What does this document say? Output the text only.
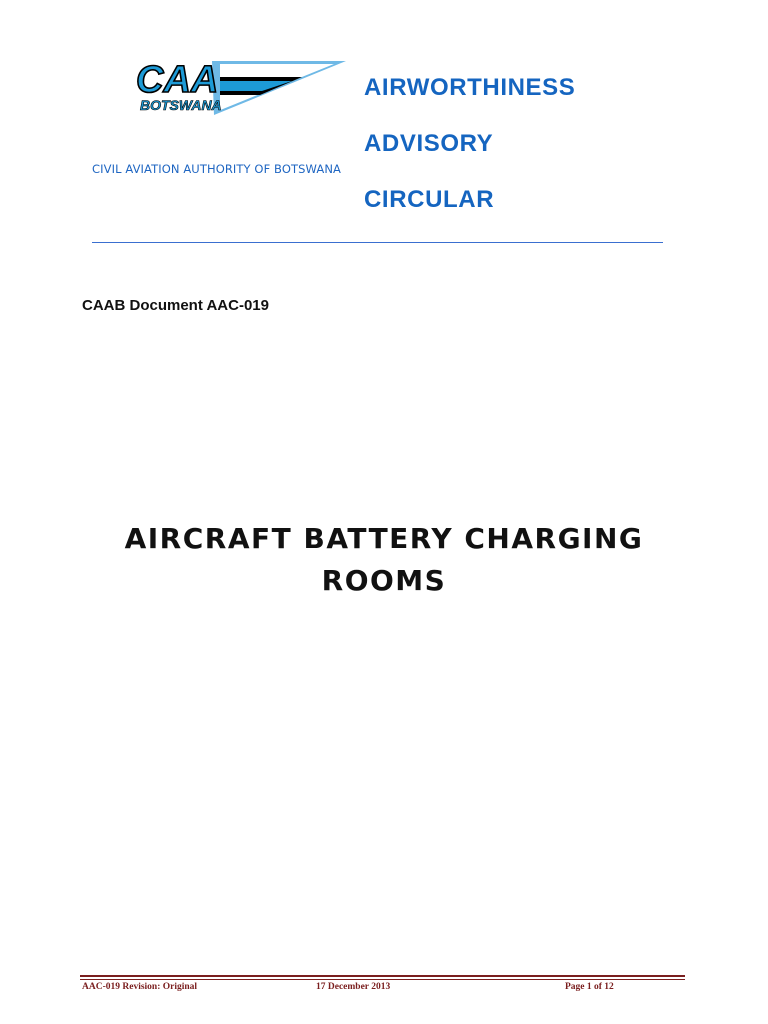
CAA
BOTSWANA
CIVIL AVIATION AUTHORITY OF BOTSWANA
AIRWORTHINESS
ADVISORY
CIRCULAR
CAAB Document AAC-019
AIRCRAFT BATTERY CHARGING
ROOMS
AAC-019 Revision: Original	17 December 2013	Page 1 of 12
